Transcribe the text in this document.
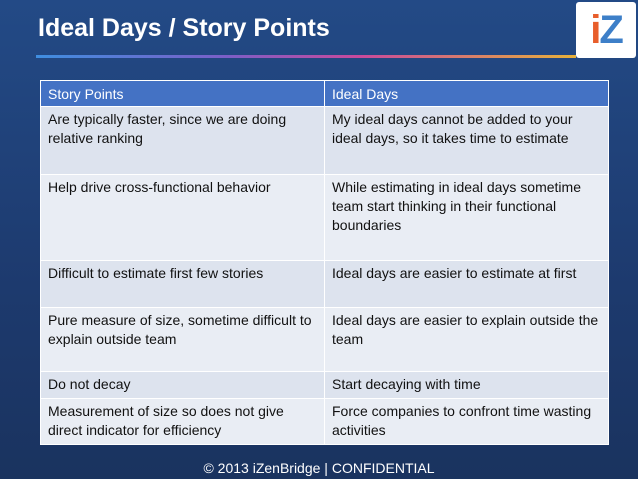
Ideal Days / Story Points	iZ
Story Points	Ideal Days
Are typically faster, since we are doing relative ranking	My ideal days cannot be added to your ideal days, so it takes time to estimate
Help drive cross-functional behavior	While estimating in ideal days sometime team start thinking in their functional boundaries
Difficult to estimate first few stories	Ideal days are easier to estimate at first
Pure measure of size, sometime difficult to explain outside team	Ideal days are easier to explain outside the team
Do not decay	Start decaying with time
Measurement of size so does not give direct indicator for efficiency	Force companies to confront time wasting activities
© 2013 iZenBridge | CONFIDENTIAL
